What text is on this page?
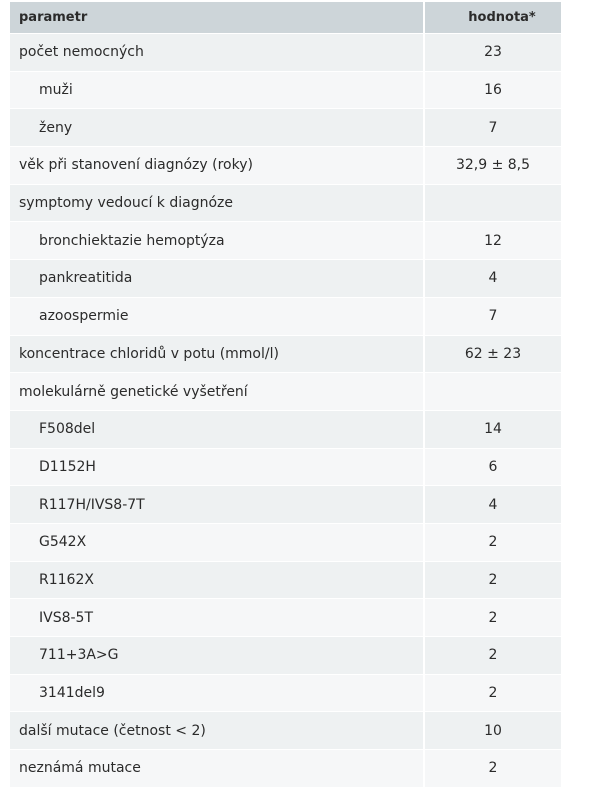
parametr	hodnota*
počet nemocných	23
muži	16
ženy	7
věk při stanovení diagnózy (roky)	32,9 ± 8,5
symptomy vedoucí k diagnóze
bronchiektazie hemoptýza	12
pankreatitida	4
azoospermie	7
koncentrace chloridů v potu (mmol/l)	62 ± 23
molekulárně genetické vyšetření
F508del	14
D1152H	6
R117H/IVS8-7T	4
G542X	2
R1162X	2
IVS8-5T	2
711+3A>G	2
3141del9	2
další mutace (četnost < 2)	10
neznámá mutace	2
